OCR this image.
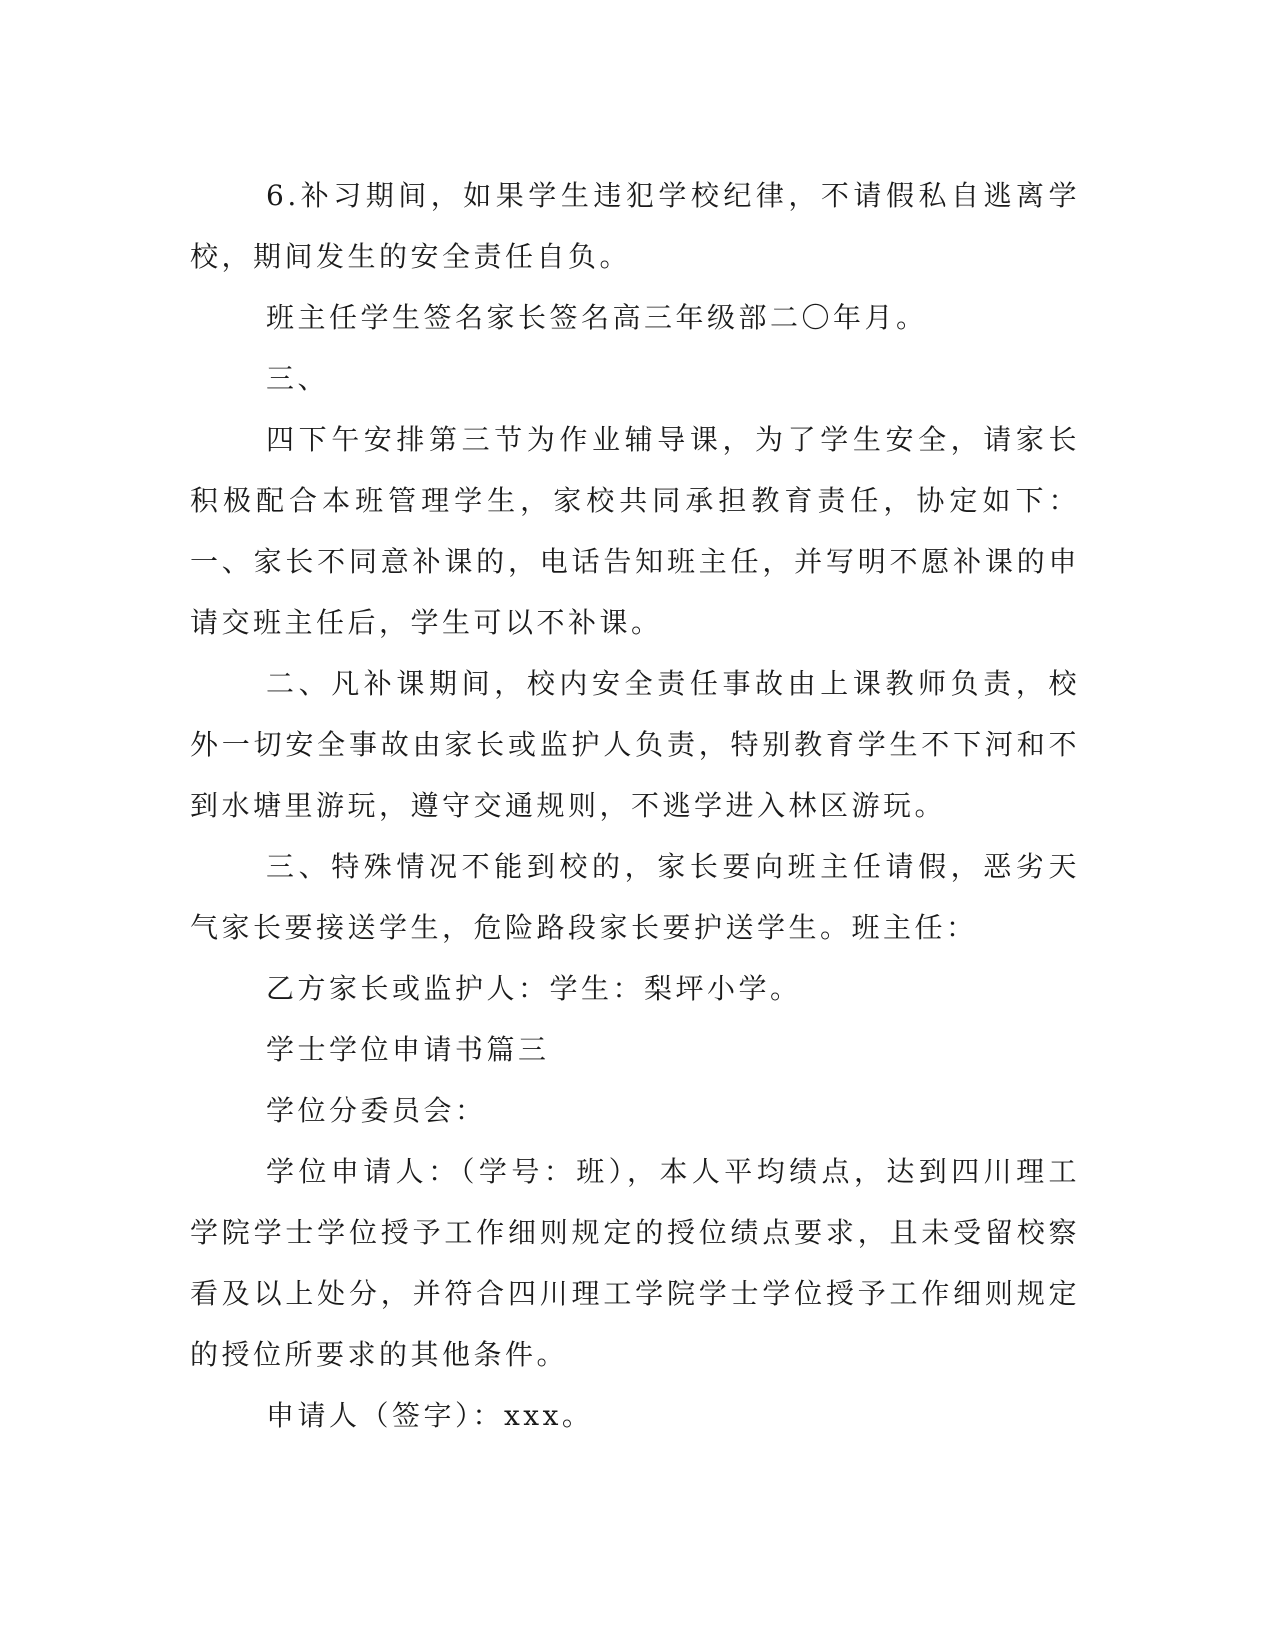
6.补习期间，如果学生违犯学校纪律，不请假私自逃离学校，期间发生的安全责任自负。

班主任学生签名家长签名高三年级部二〇年月。

三、

四下午安排第三节为作业辅导课，为了学生安全，请家长积极配合本班管理学生，家校共同承担教育责任，协定如下：一、家长不同意补课的，电话告知班主任，并写明不愿补课的申请交班主任后，学生可以不补课。

二、凡补课期间，校内安全责任事故由上课教师负责，校外一切安全事故由家长或监护人负责，特别教育学生不下河和不到水塘里游玩，遵守交通规则，不逃学进入林区游玩。

三、特殊情况不能到校的，家长要向班主任请假，恶劣天气家长要接送学生，危险路段家长要护送学生。班主任：

乙方家长或监护人：学生：梨坪小学。

学士学位申请书篇三

学位分委员会：

学位申请人：（学号：班），本人平均绩点，达到四川理工学院学士学位授予工作细则规定的授位绩点要求，且未受留校察看及以上处分，并符合四川理工学院学士学位授予工作细则规定的授位所要求的其他条件。

申请人（签字）：xxx。
